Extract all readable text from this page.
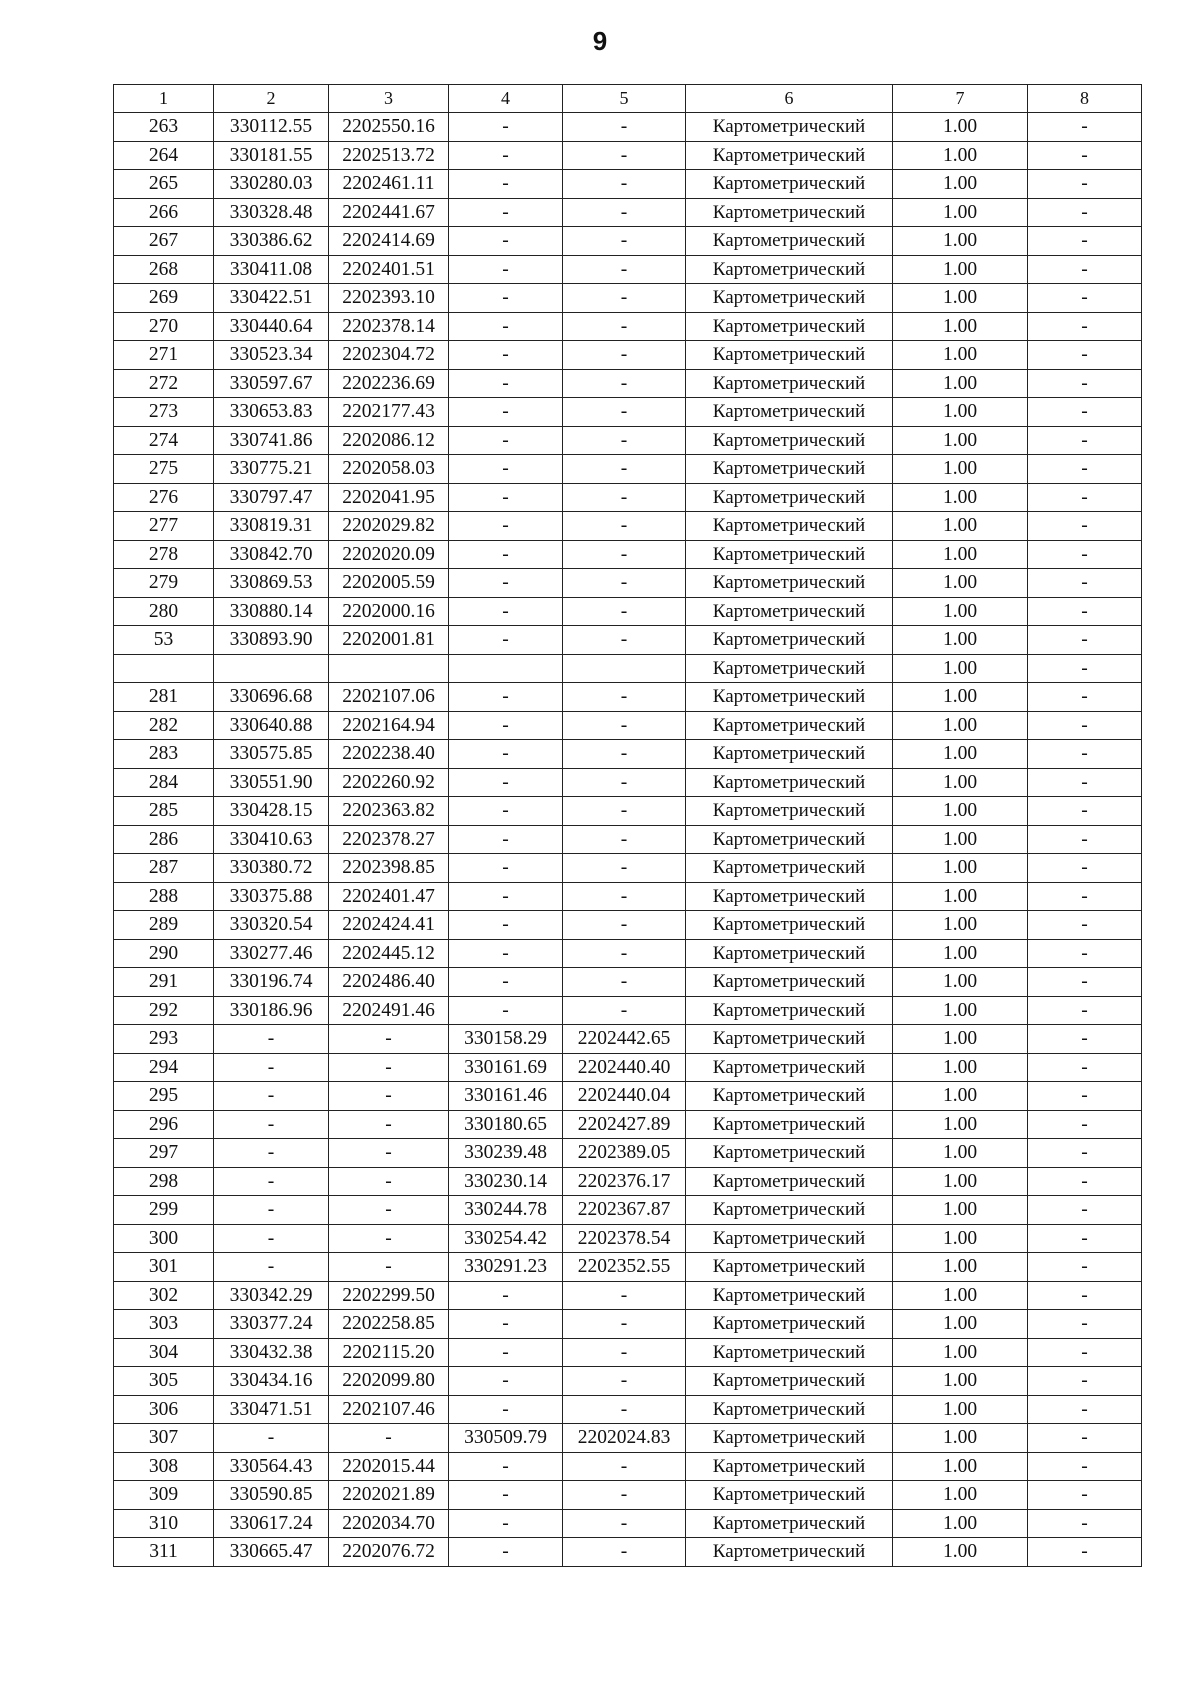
9
1	2	3	4	5	6	7	8
263	330112.55	2202550.16	-	-	Картометрический	1.00	-
264	330181.55	2202513.72	-	-	Картометрический	1.00	-
265	330280.03	2202461.11	-	-	Картометрический	1.00	-
266	330328.48	2202441.67	-	-	Картометрический	1.00	-
267	330386.62	2202414.69	-	-	Картометрический	1.00	-
268	330411.08	2202401.51	-	-	Картометрический	1.00	-
269	330422.51	2202393.10	-	-	Картометрический	1.00	-
270	330440.64	2202378.14	-	-	Картометрический	1.00	-
271	330523.34	2202304.72	-	-	Картометрический	1.00	-
272	330597.67	2202236.69	-	-	Картометрический	1.00	-
273	330653.83	2202177.43	-	-	Картометрический	1.00	-
274	330741.86	2202086.12	-	-	Картометрический	1.00	-
275	330775.21	2202058.03	-	-	Картометрический	1.00	-
276	330797.47	2202041.95	-	-	Картометрический	1.00	-
277	330819.31	2202029.82	-	-	Картометрический	1.00	-
278	330842.70	2202020.09	-	-	Картометрический	1.00	-
279	330869.53	2202005.59	-	-	Картометрический	1.00	-
280	330880.14	2202000.16	-	-	Картометрический	1.00	-
53	330893.90	2202001.81	-	-	Картометрический	1.00	-
					Картометрический	1.00	-
281	330696.68	2202107.06	-	-	Картометрический	1.00	-
282	330640.88	2202164.94	-	-	Картометрический	1.00	-
283	330575.85	2202238.40	-	-	Картометрический	1.00	-
284	330551.90	2202260.92	-	-	Картометрический	1.00	-
285	330428.15	2202363.82	-	-	Картометрический	1.00	-
286	330410.63	2202378.27	-	-	Картометрический	1.00	-
287	330380.72	2202398.85	-	-	Картометрический	1.00	-
288	330375.88	2202401.47	-	-	Картометрический	1.00	-
289	330320.54	2202424.41	-	-	Картометрический	1.00	-
290	330277.46	2202445.12	-	-	Картометрический	1.00	-
291	330196.74	2202486.40	-	-	Картометрический	1.00	-
292	330186.96	2202491.46	-	-	Картометрический	1.00	-
293	-	-	330158.29	2202442.65	Картометрический	1.00	-
294	-	-	330161.69	2202440.40	Картометрический	1.00	-
295	-	-	330161.46	2202440.04	Картометрический	1.00	-
296	-	-	330180.65	2202427.89	Картометрический	1.00	-
297	-	-	330239.48	2202389.05	Картометрический	1.00	-
298	-	-	330230.14	2202376.17	Картометрический	1.00	-
299	-	-	330244.78	2202367.87	Картометрический	1.00	-
300	-	-	330254.42	2202378.54	Картометрический	1.00	-
301	-	-	330291.23	2202352.55	Картометрический	1.00	-
302	330342.29	2202299.50	-	-	Картометрический	1.00	-
303	330377.24	2202258.85	-	-	Картометрический	1.00	-
304	330432.38	2202115.20	-	-	Картометрический	1.00	-
305	330434.16	2202099.80	-	-	Картометрический	1.00	-
306	330471.51	2202107.46	-	-	Картометрический	1.00	-
307	-	-	330509.79	2202024.83	Картометрический	1.00	-
308	330564.43	2202015.44	-	-	Картометрический	1.00	-
309	330590.85	2202021.89	-	-	Картометрический	1.00	-
310	330617.24	2202034.70	-	-	Картометрический	1.00	-
311	330665.47	2202076.72	-	-	Картометрический	1.00	-
